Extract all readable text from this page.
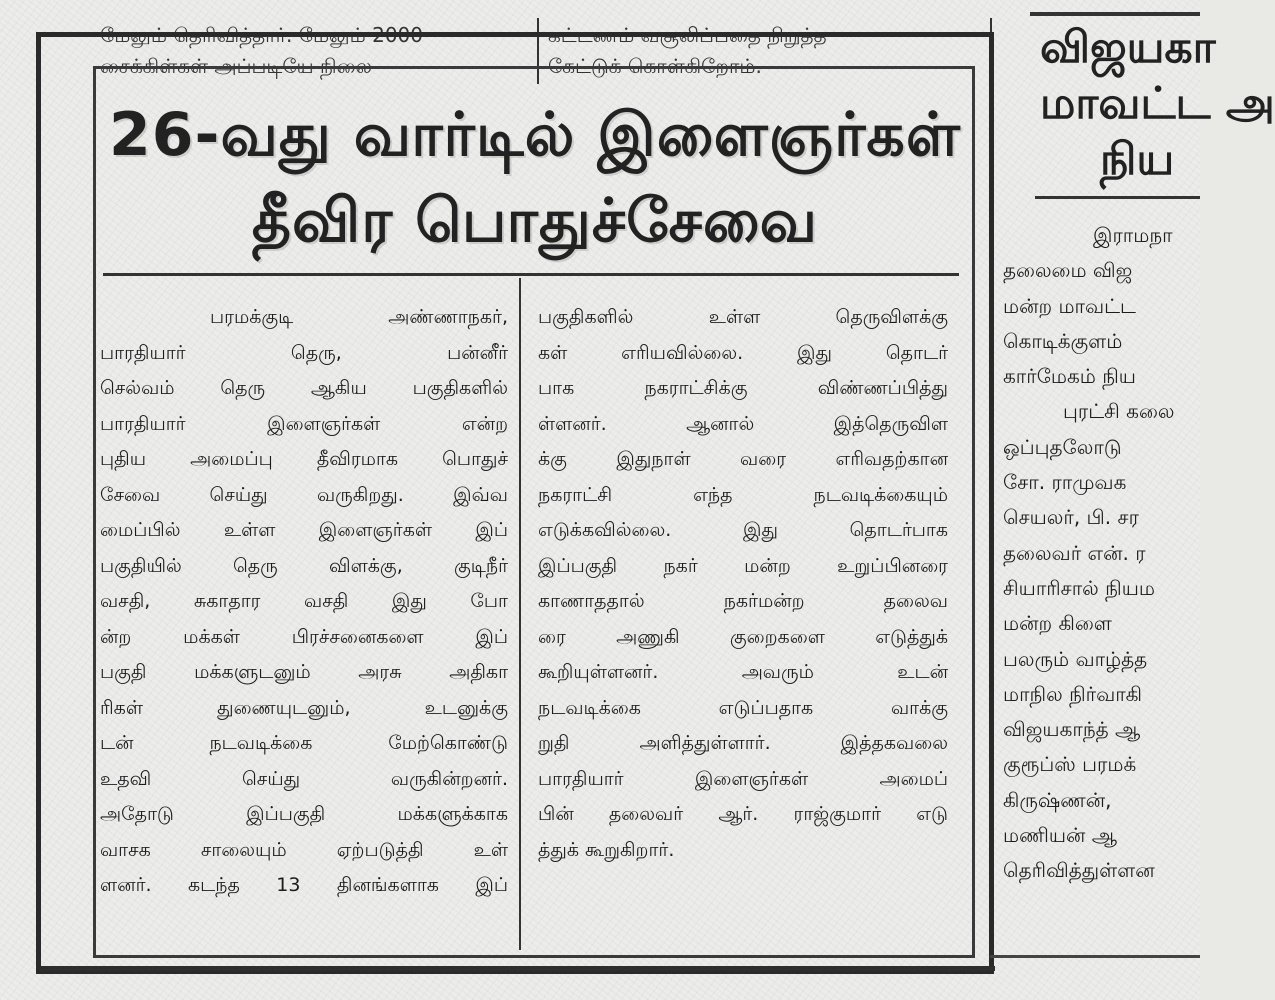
மேலும் தெரிவித்தார். மேலும் 2000
சைக்கிள்கள் அப்படியே நிலை
கட்டணம் வசூலிப்பதை நிறுத்த
கேட்டுக் கொள்கிறோம்.
26-வது வார்டில் இளைஞர்கள்
தீவிர பொதுச்சேவை
பரமக்குடி அண்ணாநகர்,
பாரதியார் தெரு, பன்னீர்
செல்வம் தெரு ஆகிய பகுதிகளில்
பாரதியார் இளைஞர்கள் என்ற
புதிய அமைப்பு தீவிரமாக பொதுச்
சேவை செய்து வருகிறது. இவ்வ
மைப்பில் உள்ள இளைஞர்கள் இப்
பகுதியில் தெரு விளக்கு, குடிநீர்
வசதி, சுகாதார வசதி இது போ
ன்ற மக்கள் பிரச்சனைகளை இப்
பகுதி மக்களுடனும் அரசு அதிகா
ரிகள் துணையுடனும், உடனுக்கு
டன் நடவடிக்கை மேற்கொண்டு
உதவி செய்து வருகின்றனர்.
அதோடு இப்பகுதி மக்களுக்காக
வாசக சாலையும் ஏற்படுத்தி உள்
ளனர். கடந்த 13 தினங்களாக இப்
பகுதிகளில் உள்ள தெருவிளக்கு
கள் எரியவில்லை. இது தொடர்
பாக நகராட்சிக்கு விண்ணப்பித்து
ள்ளனர். ஆனால் இத்தெருவிள
க்கு இதுநாள் வரை எரிவதற்கான
நகராட்சி எந்த நடவடிக்கையும்
எடுக்கவில்லை. இது தொடர்பாக
இப்பகுதி நகர் மன்ற உறுப்பினரை
காணாததால் நகர்மன்ற தலைவ
ரை அணுகி குறைகளை எடுத்துக்
கூறியுள்ளனர். அவரும் உடன்
நடவடிக்கை எடுப்பதாக வாக்கு
றுதி அளித்துள்ளார். இத்தகவலை
பாரதியார் இளைஞர்கள் அமைப்
பின் தலைவர் ஆர். ராஜ்குமார் எடு
த்துக் கூறுகிறார்.
விஜயகா
மாவட்ட அ
நிய
இராமநா
தலைமை விஜ
மன்ற மாவட்ட
கொடிக்குளம்
கார்மேகம் நிய
புரட்சி கலை
ஒப்புதலோடு
சோ. ராமுவக
செயலர், பி. சர
தலைவர் என். ர
சியாரிசால் நியம
மன்ற கிளை
பலரும் வாழ்த்த
மாநில நிர்வாகி
விஜயகாந்த் ஆ
குரூப்ஸ் பரமக்
கிருஷ்ணன்,
மணியன் ஆ
தெரிவித்துள்ளன
